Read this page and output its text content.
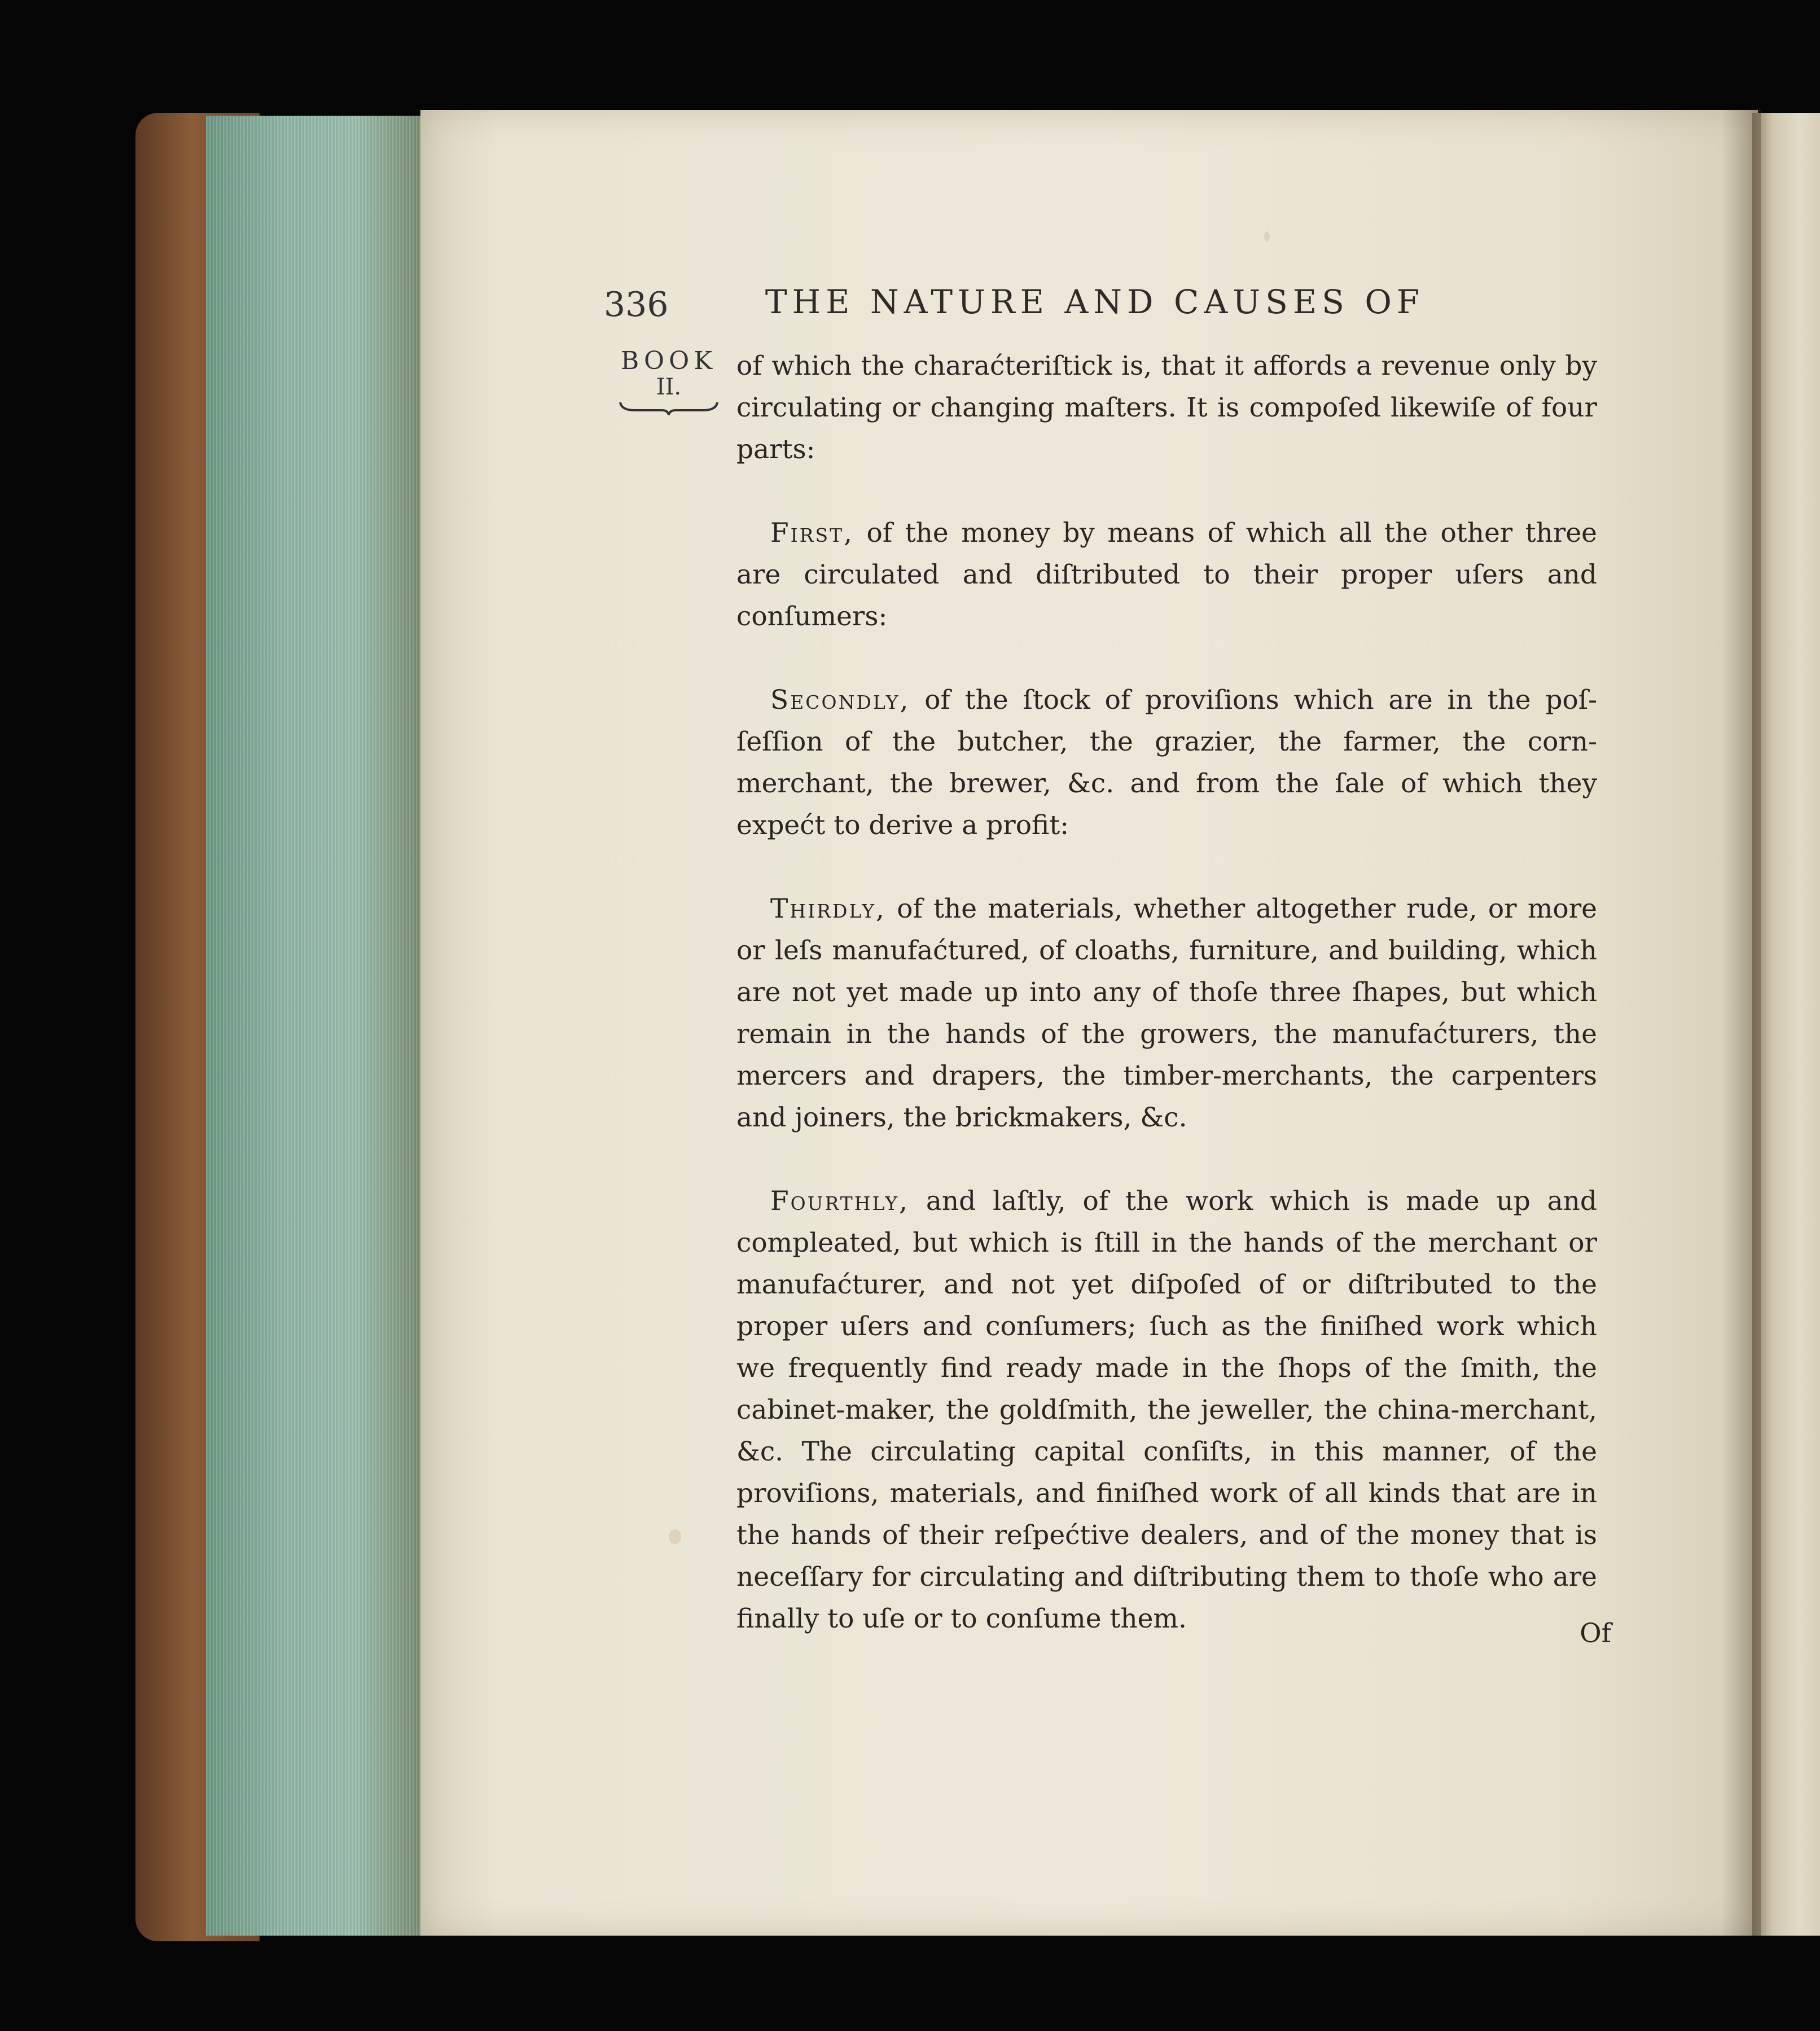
336	THE NATURE AND CAUSES OF
BOOK
II.

of which the charaćteriſtick is, that it affords a revenue only by circulating or changing maſters. It is compoſed likewiſe of four parts:

First, of the money by means of which all the other three are circulated and diſtributed to their proper uſers and conſumers:

Secondly, of the ſtock of proviſions which are in the poſſeſſion of the butcher, the grazier, the farmer, the corn-merchant, the brewer, &c. and from the ſale of which they expećt to derive a profit:

Thirdly, of the materials, whether altogether rude, or more or leſs manufaćtured, of cloaths, furniture, and building, which are not yet made up into any of thoſe three ſhapes, but which remain in the hands of the growers, the manufaćturers, the mercers and drapers, the timber-merchants, the carpenters and joiners, the brickmakers, &c.

Fourthly, and laſtly, of the work which is made up and compleated, but which is ſtill in the hands of the merchant or manufaćturer, and not yet diſpoſed of or diſtributed to the proper uſers and conſumers; ſuch as the finiſhed work which we frequently find ready made in the ſhops of the ſmith, the cabinet-maker, the goldſmith, the jeweller, the china-merchant, &c. The circulating capital conſiſts, in this manner, of the proviſions, materials, and finiſhed work of all kinds that are in the hands of their reſpećtive dealers, and of the money that is neceſſary for circulating and diſtributing them to thoſe who are finally to uſe or to conſume them.	Of
